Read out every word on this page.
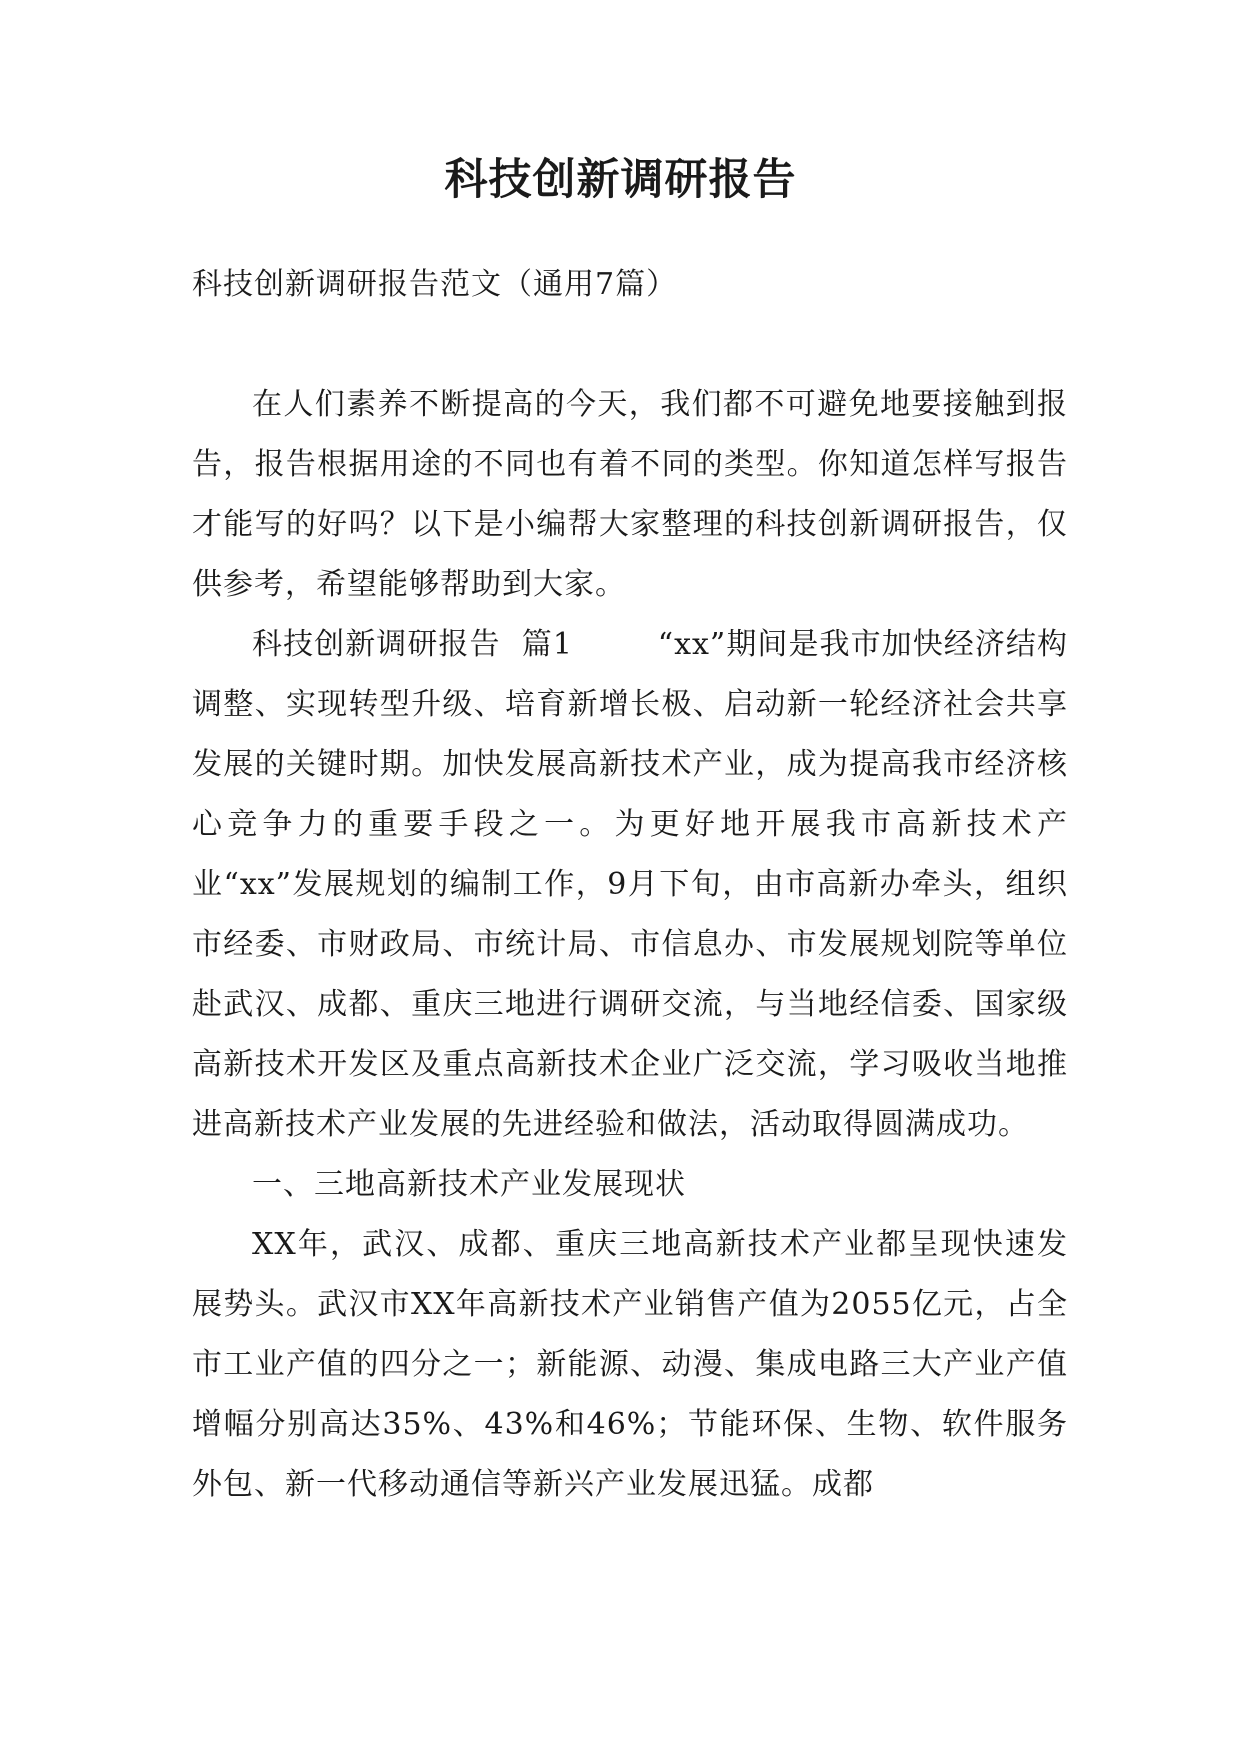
科技创新调研报告

科技创新调研报告范文（通用7篇）

在人们素养不断提高的今天，我们都不可避免地要接触到报告，报告根据用途的不同也有着不同的类型。你知道怎样写报告才能写的好吗？以下是小编帮大家整理的科技创新调研报告，仅供参考，希望能够帮助到大家。

科技创新调研报告  篇1        “xx”期间是我市加快经济结构调整、实现转型升级、培育新增长极、启动新一轮经济社会共享发展的关键时期。加快发展高新技术产业，成为提高我市经济核心竞争力的重要手段之一。为更好地开展我市高新技术产业“xx”发展规划的编制工作，9月下旬，由市高新办牵头，组织市经委、市财政局、市统计局、市信息办、市发展规划院等单位赴武汉、成都、重庆三地进行调研交流，与当地经信委、国家级高新技术开发区及重点高新技术企业广泛交流，学习吸收当地推进高新技术产业发展的先进经验和做法，活动取得圆满成功。

一、三地高新技术产业发展现状

XX年，武汉、成都、重庆三地高新技术产业都呈现快速发展势头。武汉市XX年高新技术产业销售产值为2055亿元，占全市工业产值的四分之一；新能源、动漫、集成电路三大产业产值增幅分别高达35%、43%和46%；节能环保、生物、软件服务外包、新一代移动通信等新兴产业发展迅猛。成都
